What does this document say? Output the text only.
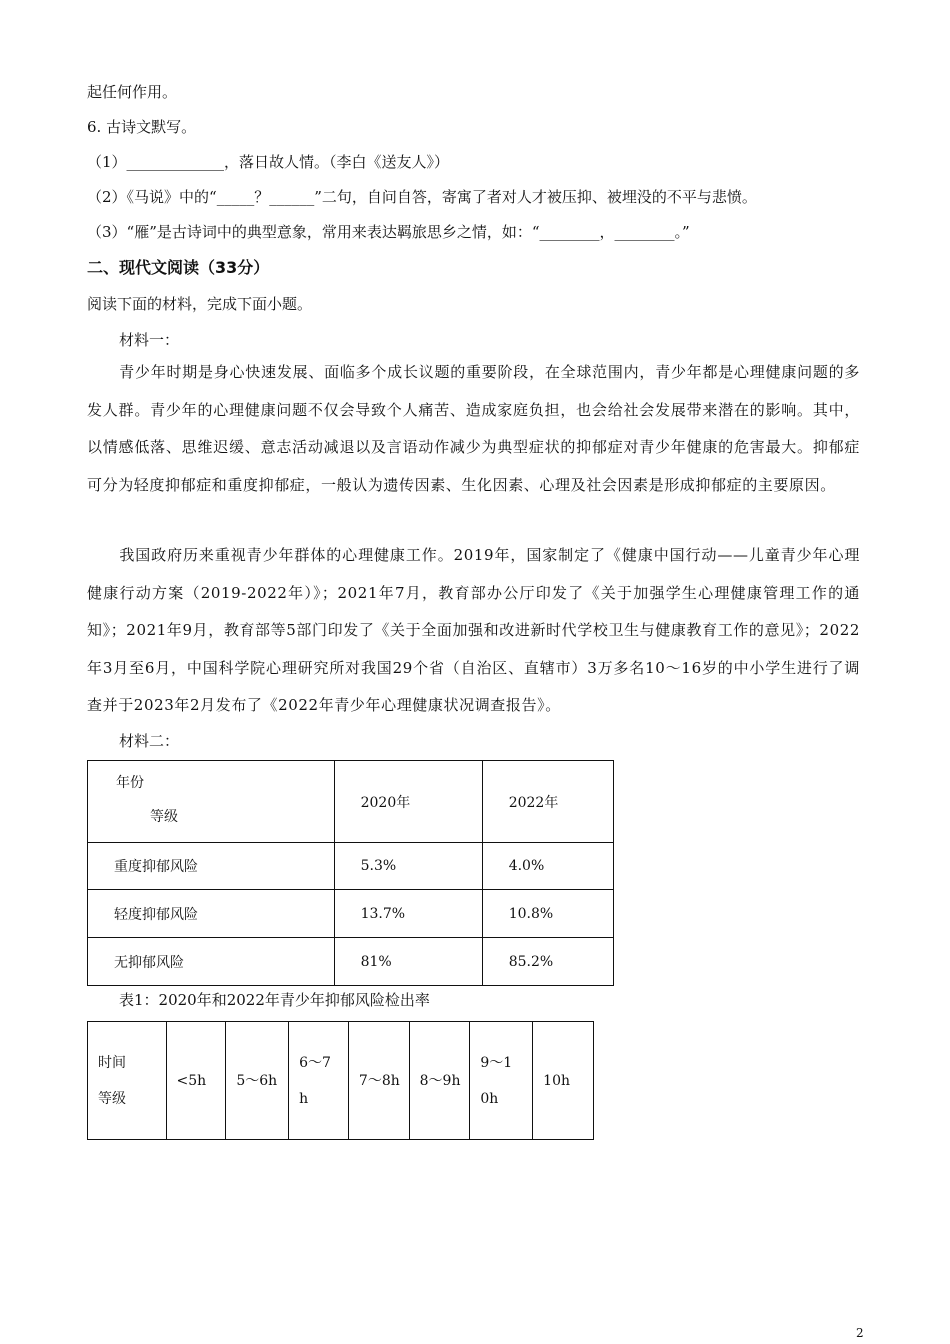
起任何作用。
6. 古诗文默写。
（1）_____________，落日故人情。（李白《送友人》）
（2）《马说》中的“_____？______”二句，自问自答，寄寓了者对人才被压抑、被埋没的不平与悲愤。
（3）“雁”是古诗词中的典型意象，常用来表达羁旅思乡之情，如：“________，________。”
二、现代文阅读（33分）
阅读下面的材料，完成下面小题。
材料一：
青少年时期是身心快速发展、面临多个成长议题的重要阶段，在全球范围内，青少年都是心理健康问题的多发人群。青少年的心理健康问题不仅会导致个人痛苦、造成家庭负担，也会给社会发展带来潜在的影响。其中，以情感低落、思维迟缓、意志活动减退以及言语动作减少为典型症状的抑郁症对青少年健康的危害最大。抑郁症可分为轻度抑郁症和重度抑郁症，一般认为遗传因素、生化因素、心理及社会因素是形成抑郁症的主要原因。
我国政府历来重视青少年群体的心理健康工作。2019年，国家制定了《健康中国行动——儿童青少年心理健康行动方案（2019-2022年）》；2021年7月，教育部办公厅印发了《关于加强学生心理健康管理工作的通知》；2021年9月，教育部等5部门印发了《关于全面加强和改进新时代学校卫生与健康教育工作的意见》；2022年3月至6月，中国科学院心理研究所对我国29个省（自治区、直辖市）3万多名10～16岁的中小学生进行了调查并于2023年2月发布了《2022年青少年心理健康状况调查报告》。
材料二：
年份
等级	2020年	2022年
重度抑郁风险	5.3%	4.0%
轻度抑郁风险	13.7%	10.8%
无抑郁风险	81%	85.2%
表1：2020年和2022年青少年抑郁风险检出率
时间
等级
	<5h	5～6h	6～7h	7～8h	8～9h	9～10h	10h
2
